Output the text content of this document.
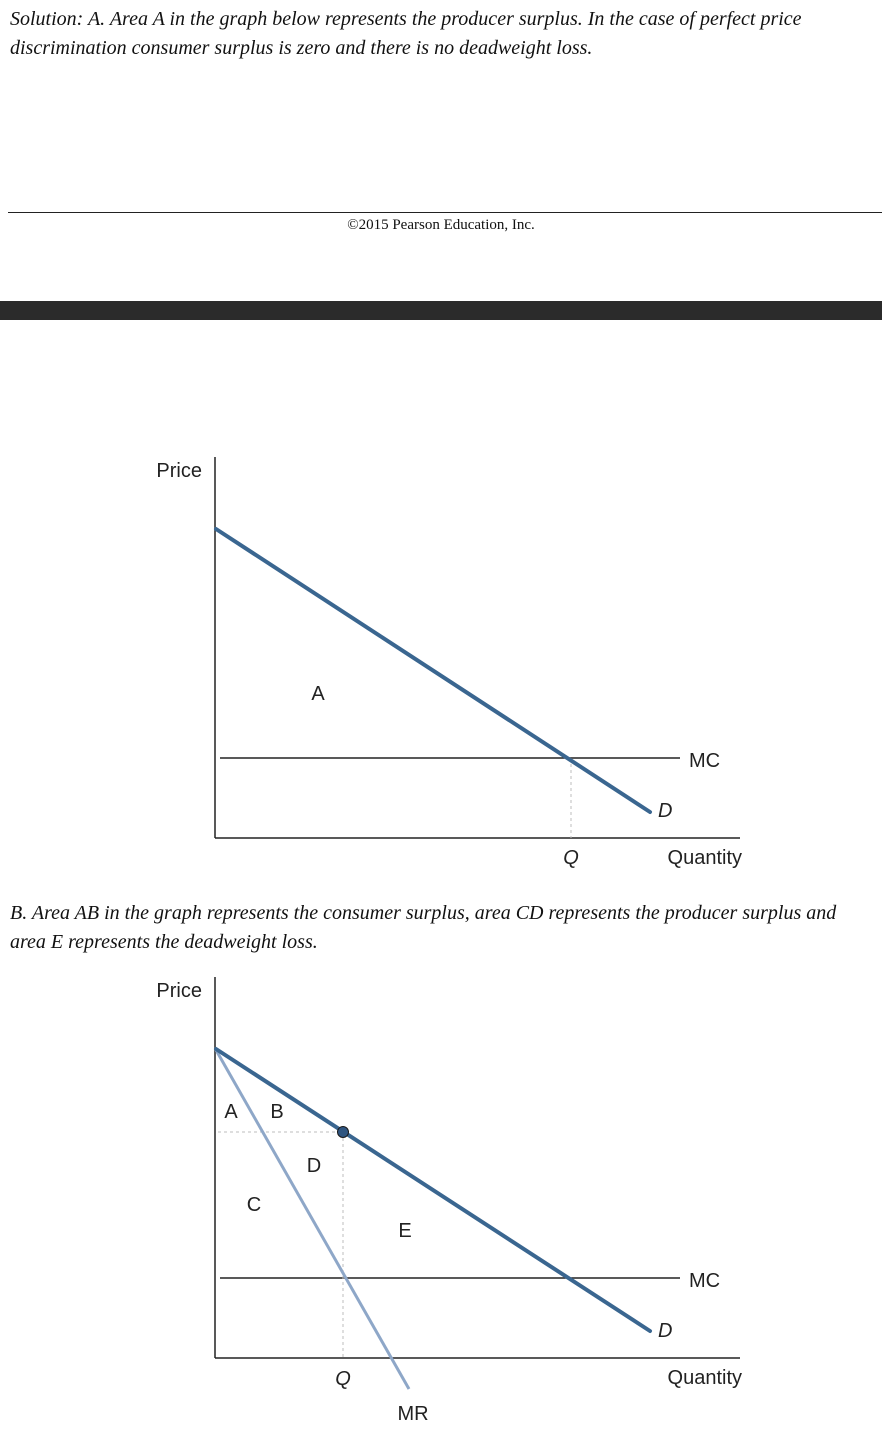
Solution: A. Area A in the graph below represents the producer surplus. In the case of perfect price discrimination consumer surplus is zero and there is no deadweight loss.

©2015 Pearson Education, Inc.
Price
A
MC
D
Q	Quantity

B. Area AB in the graph represents the consumer surplus, area CD represents the producer surplus and area E represents the deadweight loss.

Price
A B
C
D
E
MC
D
Q	Quantity
MR
